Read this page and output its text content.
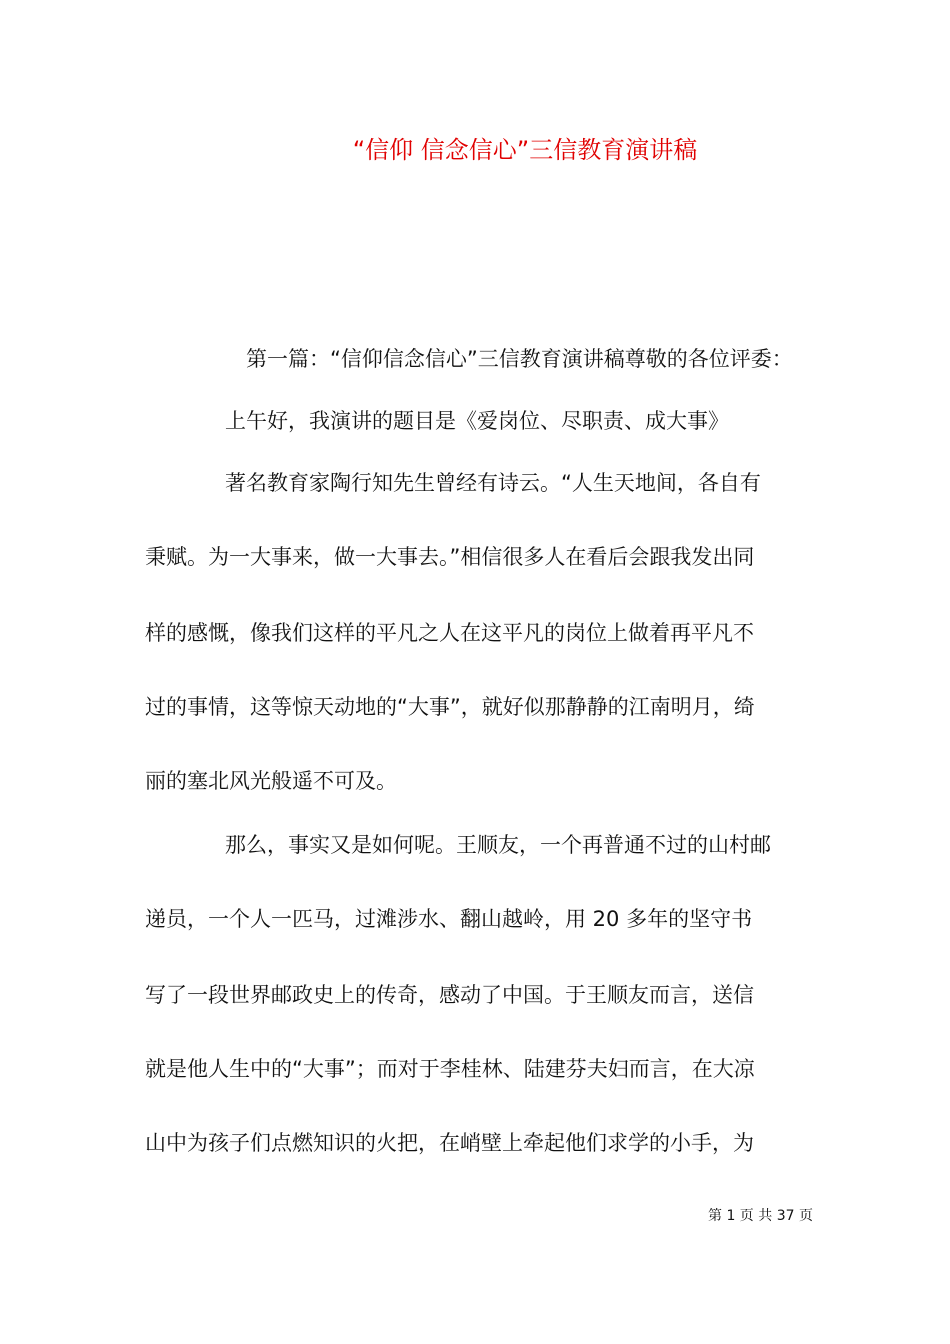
“信仰 信念信心”三信教育演讲稿
第一篇：“信仰信念信心”三信教育演讲稿尊敬的各位评委：
上午好，我演讲的题目是《爱岗位、尽职责、成大事》
著名教育家陶行知先生曾经有诗云。“人生天地间，各自有
秉赋。为一大事来，做一大事去。”相信很多人在看后会跟我发出同
样的感慨，像我们这样的平凡之人在这平凡的岗位上做着再平凡不
过的事情，这等惊天动地的“大事”，就好似那静静的江南明月，绮
丽的塞北风光般遥不可及。
那么，事实又是如何呢。王顺友，一个再普通不过的山村邮
递员，一个人一匹马，过滩涉水、翻山越岭，用 20 多年的坚守书
写了一段世界邮政史上的传奇，感动了中国。于王顺友而言，送信
就是他人生中的“大事”；而对于李桂林、陆建芬夫妇而言，在大凉
山中为孩子们点燃知识的火把，在峭壁上牵起他们求学的小手，为
第 1 页 共 37 页
